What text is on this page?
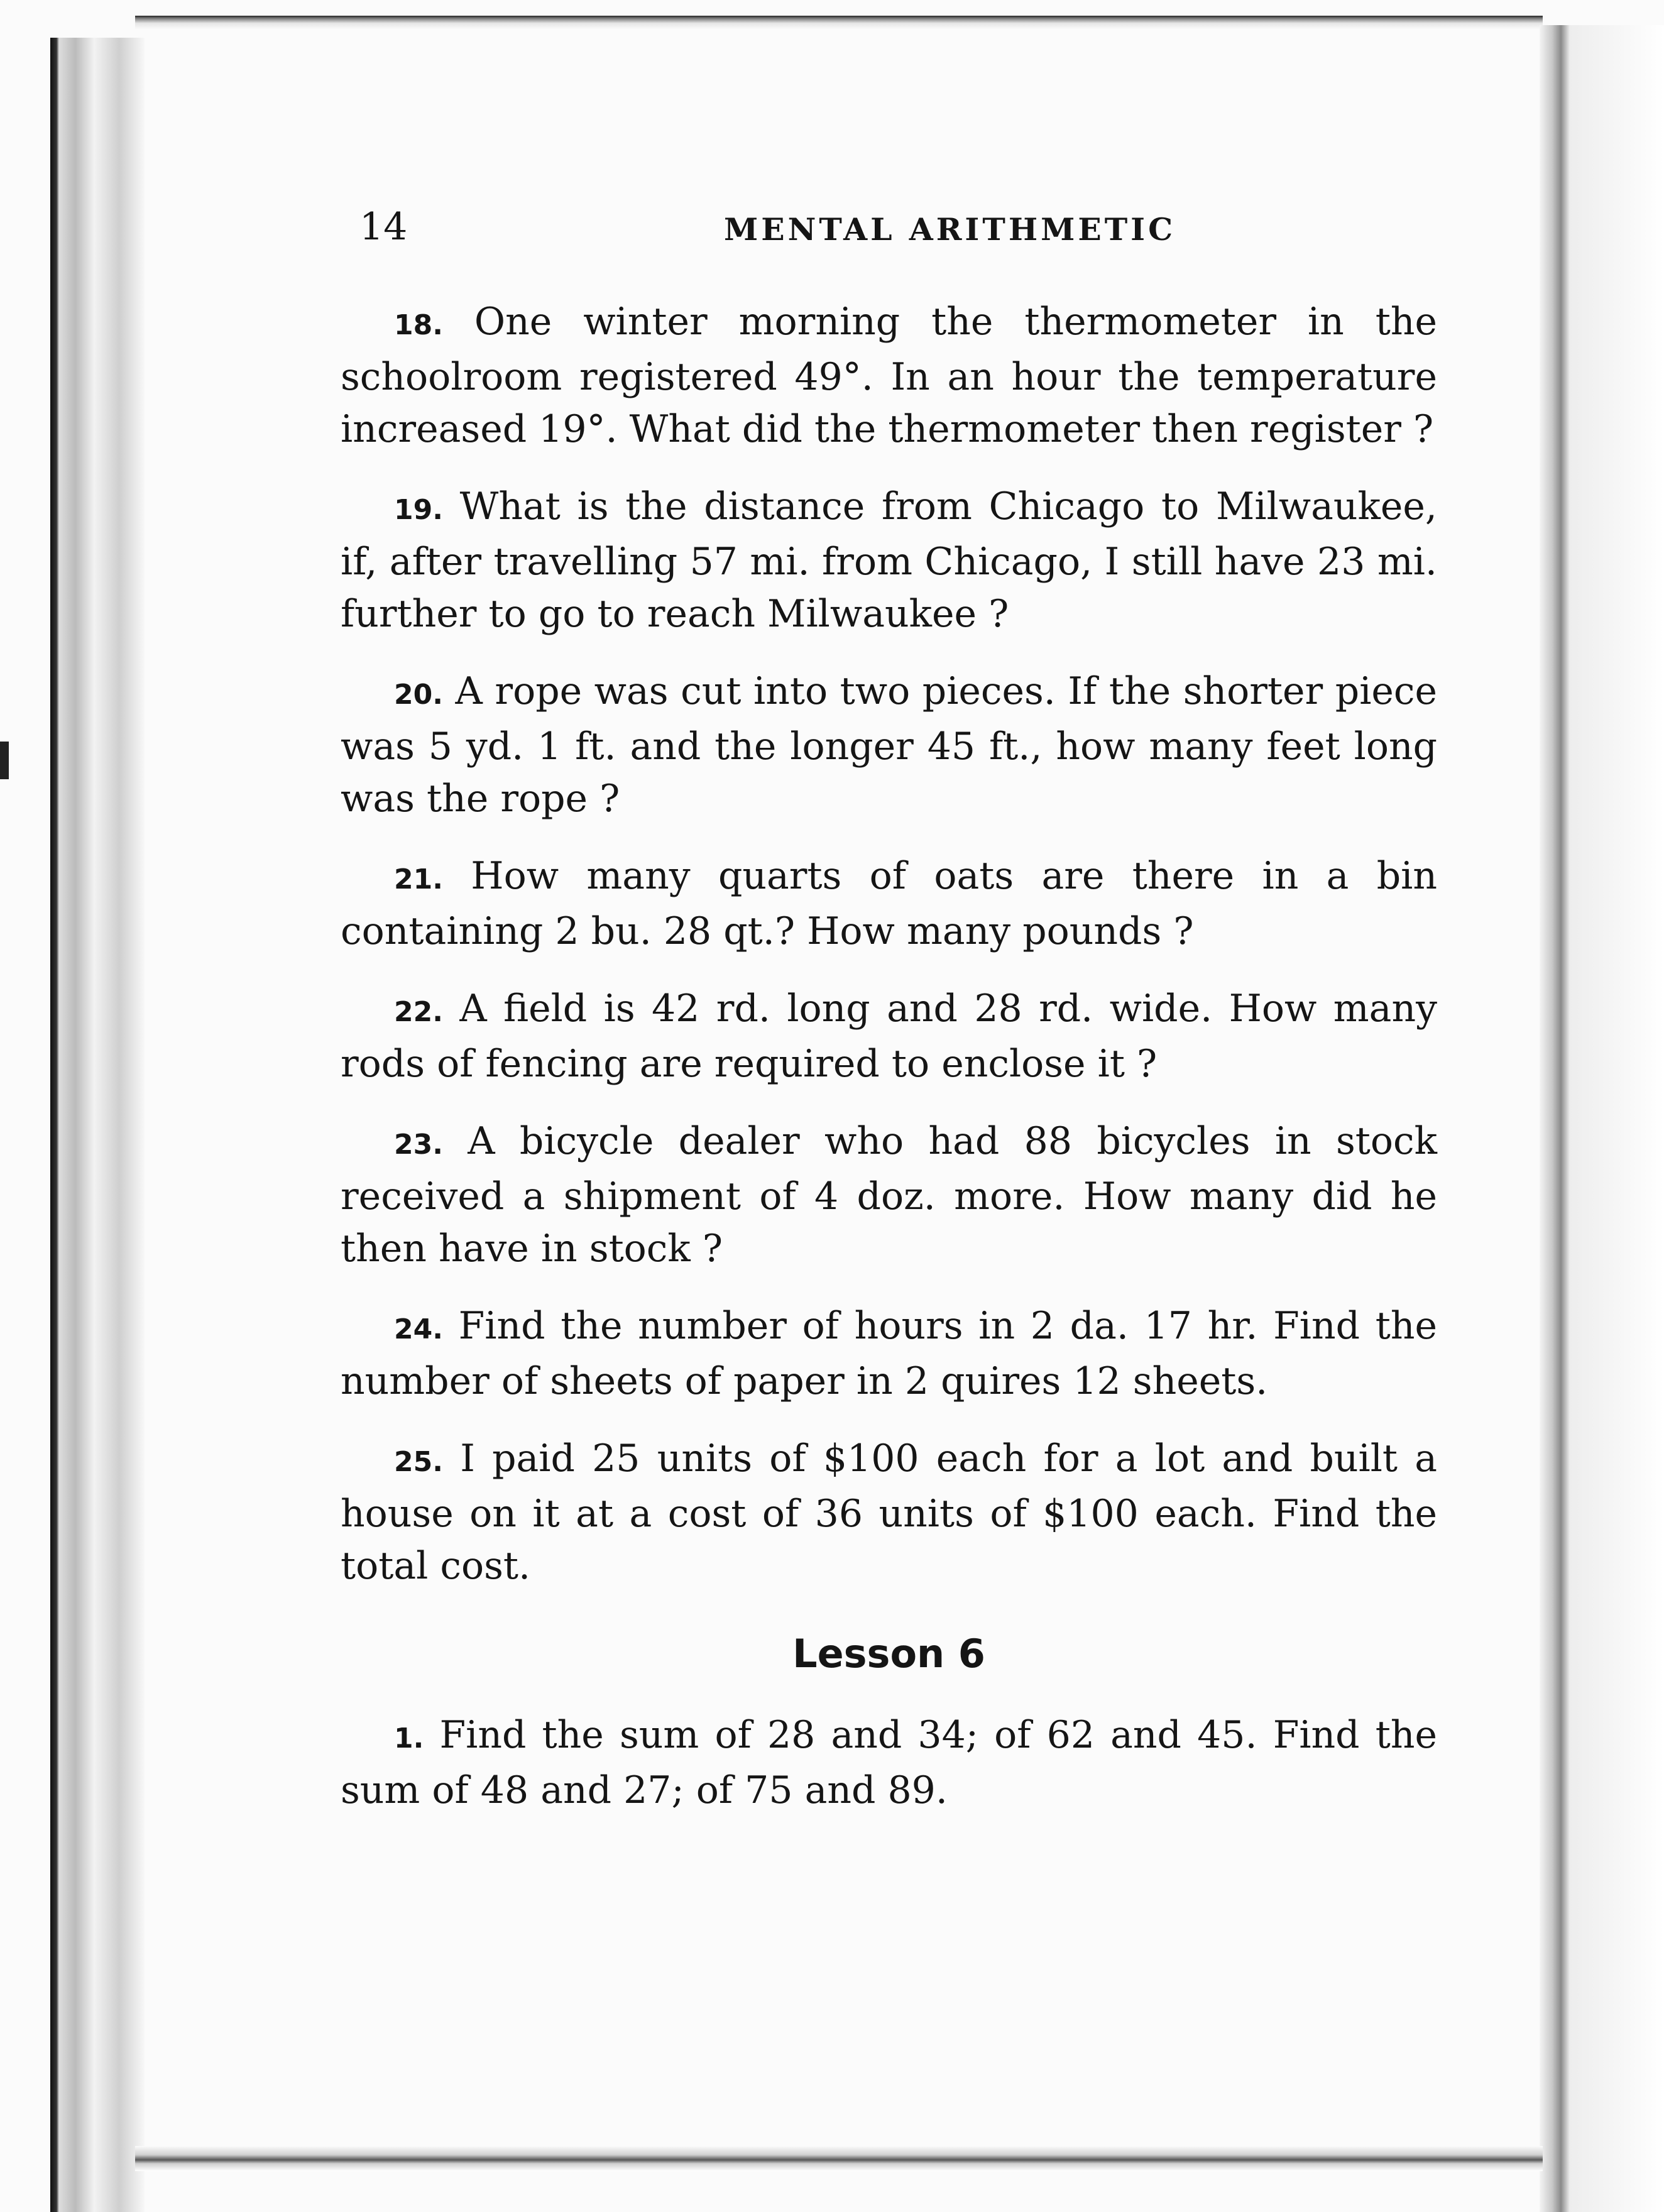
14	MENTAL ARITHMETIC

18. One winter morning the thermometer in the schoolroom registered 49°. In an hour the temperature increased 19°. What did the thermometer then register ?

19. What is the distance from Chicago to Milwaukee, if, after travelling 57 mi. from Chicago, I still have 23 mi. further to go to reach Milwaukee ?

20. A rope was cut into two pieces. If the shorter piece was 5 yd. 1 ft. and the longer 45 ft., how many feet long was the rope ?

21. How many quarts of oats are there in a bin containing 2 bu. 28 qt.? How many pounds ?

22. A field is 42 rd. long and 28 rd. wide. How many rods of fencing are required to enclose it ?

23. A bicycle dealer who had 88 bicycles in stock received a shipment of 4 doz. more. How many did he then have in stock ?

24. Find the number of hours in 2 da. 17 hr. Find the number of sheets of paper in 2 quires 12 sheets.

25. I paid 25 units of $100 each for a lot and built a house on it at a cost of 36 units of $100 each. Find the total cost.

Lesson 6

1. Find the sum of 28 and 34; of 62 and 45. Find the sum of 48 and 27; of 75 and 89.
